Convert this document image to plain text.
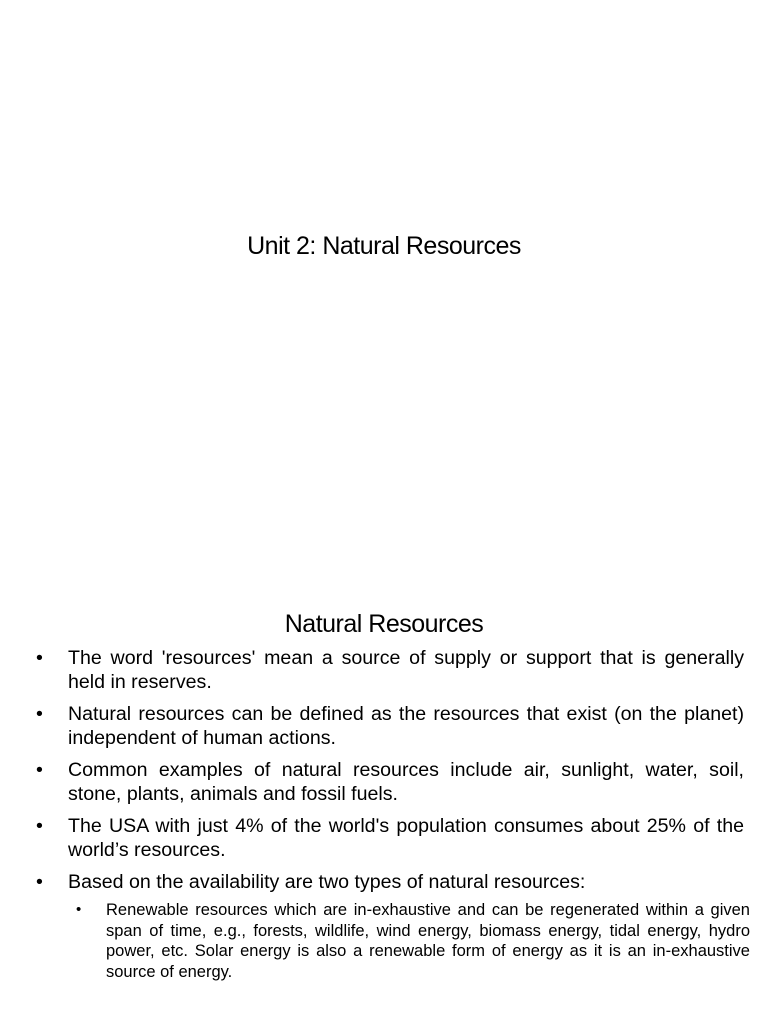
Unit 2: Natural Resources
Natural Resources
•	The word 'resources' mean a source of supply or support that is generally held in reserves.
•	Natural resources can be defined as the resources that exist (on the planet) independent of human actions.
•	Common examples of natural resources include air, sunlight, water, soil, stone, plants, animals and fossil fuels.
•	The USA with just 4% of the world's population consumes about 25% of the world’s resources.
•	Based on the availability are two types of natural resources:
• Renewable resources which are in-exhaustive and can be regenerated within a given span of time, e.g., forests, wildlife, wind energy, biomass energy, tidal energy, hydro power, etc. Solar energy is also a renewable form of energy as it is an in-exhaustive source of energy.
